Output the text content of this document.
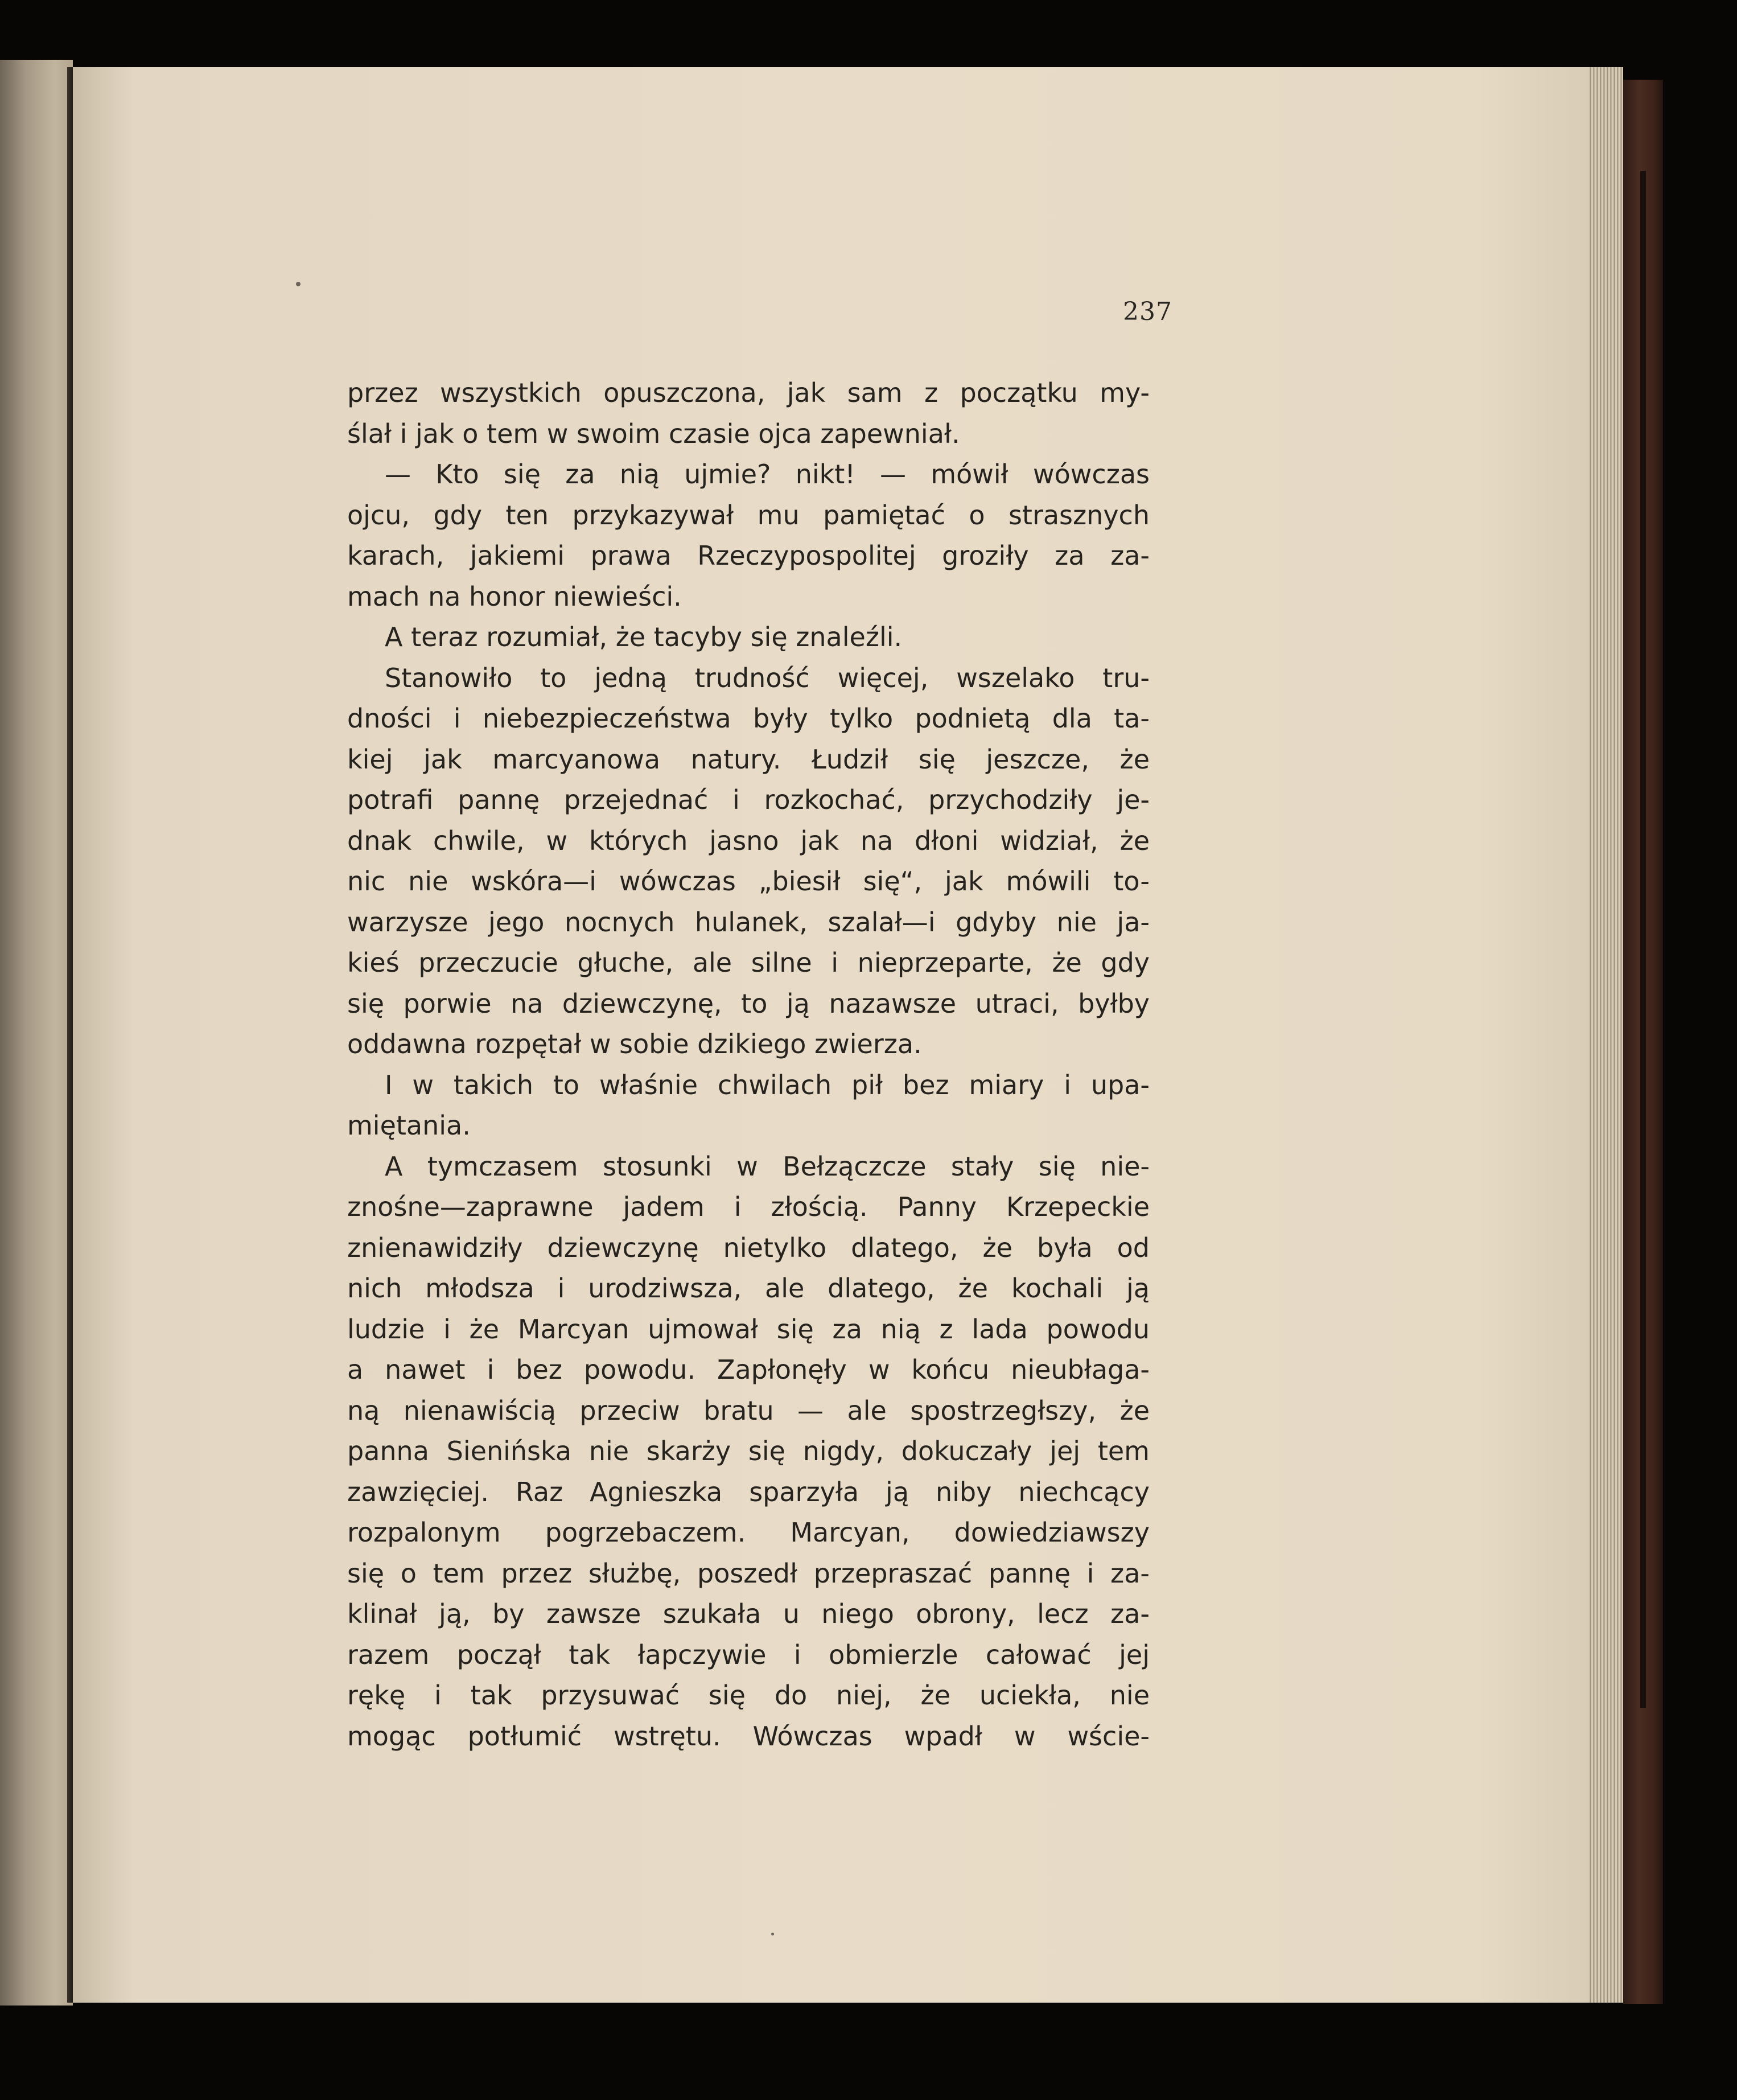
237
przez wszystkich opuszczona, jak sam z początku my-
ślał i jak o tem w swoim czasie ojca zapewniał.
— Kto się za nią ujmie? nikt! — mówił wówczas
ojcu, gdy ten przykazywał mu pamiętać o strasznych
karach, jakiemi prawa Rzeczypospolitej groziły za za-
mach na honor niewieści.
A teraz rozumiał, że tacyby się znaleźli.
Stanowiło to jedną trudność więcej, wszelako tru-
dności i niebezpieczeństwa były tylko podnietą dla ta-
kiej jak marcyanowa natury. Łudził się jeszcze, że
potrafi pannę przejednać i rozkochać, przychodziły je-
dnak chwile, w których jasno jak na dłoni widział, że
nic nie wskóra—i wówczas „biesił się“, jak mówili to-
warzysze jego nocnych hulanek, szalał—i gdyby nie ja-
kieś przeczucie głuche, ale silne i nieprzeparte, że gdy
się porwie na dziewczynę, to ją nazawsze utraci, byłby
oddawna rozpętał w sobie dzikiego zwierza.
I w takich to właśnie chwilach pił bez miary i upa-
miętania.
A tymczasem stosunki w Bełzączcze stały się nie-
znośne—zaprawne jadem i złością. Panny Krzepeckie
znienawidziły dziewczynę nietylko dlatego, że była od
nich młodsza i urodziwsza, ale dlatego, że kochali ją
ludzie i że Marcyan ujmował się za nią z lada powodu
a nawet i bez powodu. Zapłonęły w końcu nieubłaga-
ną nienawiścią przeciw bratu — ale spostrzegłszy, że
panna Sienińska nie skarży się nigdy, dokuczały jej tem
zawzięciej. Raz Agnieszka sparzyła ją niby niechcący
rozpalonym pogrzebaczem. Marcyan, dowiedziawszy
się o tem przez służbę, poszedł przepraszać pannę i za-
klinał ją, by zawsze szukała u niego obrony, lecz za-
razem począł tak łapczywie i obmierzle całować jej
rękę i tak przysuwać się do niej, że uciekła, nie
mogąc potłumić wstrętu. Wówczas wpadł w wście-
